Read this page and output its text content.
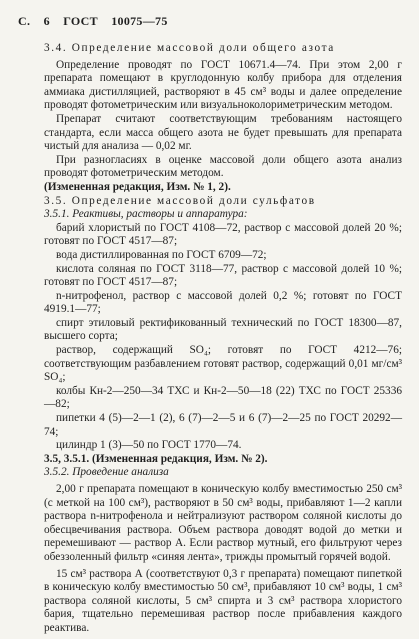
С. 6 ГОСТ 10075—75

3.4. Определение массовой доли общего азота

Определение проводят по ГОСТ 10671.4—74. При этом 2,00 г препарата помещают в круглодонную колбу прибора для отделения аммиака дистилляцией, растворяют в 45 см³ воды и далее определение проводят фотометрическим или визуальноколориметрическим методом.

Препарат считают соответствующим требованиям настоящего стандарта, если масса общего азота не будет превышать для препарата чистый для анализа — 0,02 мг.

При разногласиях в оценке массовой доли общего азота анализ проводят фотометрическим методом.

(Измененная редакция, Изм. № 1, 2).

3.5. Определение массовой доли сульфатов

3.5.1. Реактивы, растворы и аппаратура:

барий хлористый по ГОСТ 4108—72, раствор с массовой долей 20 %; готовят по ГОСТ 4517—87;

вода дистиллированная по ГОСТ 6709—72;

кислота соляная по ГОСТ 3118—77, раствор с массовой долей 10 %; готовят по ГОСТ 4517—87;

n-нитрофенол, раствор с массовой долей 0,2 %; готовят по ГОСТ 4919.1—77;

спирт этиловый ректификованный технический по ГОСТ 18300—87, высшего сорта;

раствор, содержащий SO₄; готовят по ГОСТ 4212—76; соответствующим разбавлением готовят раствор, содержащий 0,01 мг/см³ SO₄;

колбы Кн-2—250—34 ТХС и Кн-2—50—18 (22) ТХС по ГОСТ 25336—82;

пипетки 4 (5)—2—1 (2), 6 (7)—2—5 и 6 (7)—2—25 по ГОСТ 20292—74;

цилиндр 1 (3)—50 по ГОСТ 1770—74.

3.5, 3.5.1. (Измененная редакция, Изм. № 2).

3.5.2. Проведение анализа

2,00 г препарата помещают в коническую колбу вместимостью 250 см³ (с меткой на 100 см³), растворяют в 50 см³ воды, прибавляют 1—2 капли раствора n-нитрофенола и нейтрализуют раствором соляной кислоты до обесцвечивания раствора. Объем раствора доводят водой до метки и перемешивают — раствор А. Если раствор мутный, его фильтруют через обеззоленный фильтр «синяя лента», трижды промытый горячей водой.

15 см³ раствора А (соответствуют 0,3 г препарата) помещают пипеткой в коническую колбу вместимостью 50 см³, прибавляют 10 см³ воды, 1 см³ раствора соляной кислоты, 5 см³ спирта и 3 см³ раствора хлористого бария, тщательно перемешивая раствор после прибавления каждого реактива.
